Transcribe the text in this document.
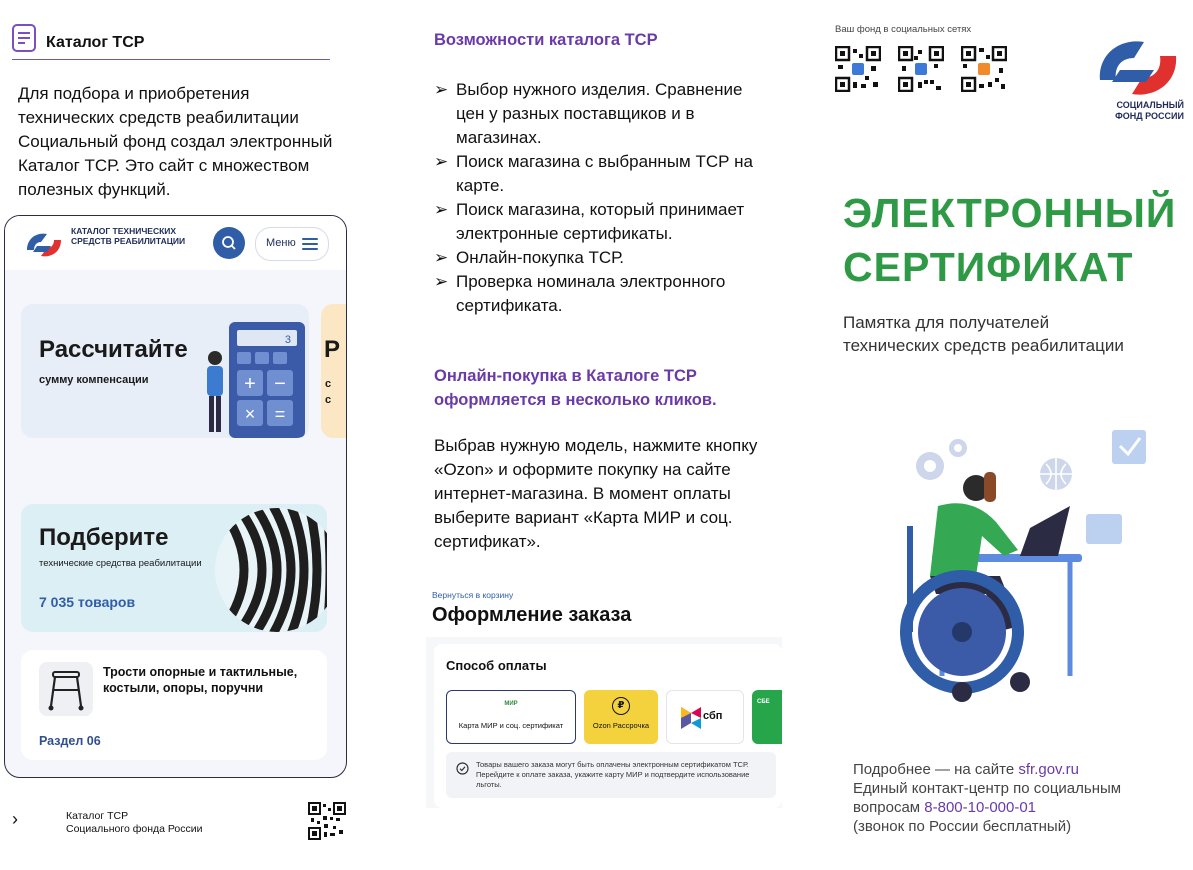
Каталог ТСР
Для подбора и приобретения технических средств реабилитации Социальный фонд создал электронный Каталог ТСР. Это сайт с множеством полезных функций.
КАТАЛОГ ТЕХНИЧЕСКИХ СРЕДСТВ РЕАБИЛИТАЦИИ	Меню
Рассчитайте
сумму компенсации
3
+ −
× =
Р
с
с
Подберите
технические средства реабилитации
7 035 товаров
Трости опорные и тактильные, костыли, опоры, поручни
Раздел 06
›	Каталог ТСР
Социального фонда России
Возможности каталога ТСР
➢ Выбор нужного изделия. Сравнение цен у разных поставщиков и в магазинах.
➢ Поиск магазина с выбранным ТСР на карте.
➢ Поиск магазина, который принимает электронные сертификаты.
➢ Онлайн-покупка ТСР.
➢ Проверка номинала электронного сертификата.
Онлайн-покупка в Каталоге ТСР оформляется в несколько кликов.
Выбрав нужную модель, нажмите кнопку «Ozon» и оформите покупку на сайте интернет-магазина. В момент оплаты выберите вариант «Карта МИР и соц. сертификат».
Вернуться в корзину
Оформление заказа
Способ оплаты
МИР
Карта МИР и соц. сертификат
₽
Ozon Рассрочка
сбп
СБЕ
Товары вашего заказа могут быть оплачены электронным сертификатом ТСР. Перейдите к оплате заказа, укажите карту МИР и подтвердите использование льготы.
Ваш фонд в социальных сетях
СОЦИАЛЬНЫЙ
ФОНД РОССИИ
ЭЛЕКТРОННЫЙ
СЕРТИФИКАТ
Памятка для получателей технических средств реабилитации
Подробнее — на сайте sfr.gov.ru
Единый контакт-центр по социальным
вопросам 8-800-10-000-01
(звонок по России бесплатный)
